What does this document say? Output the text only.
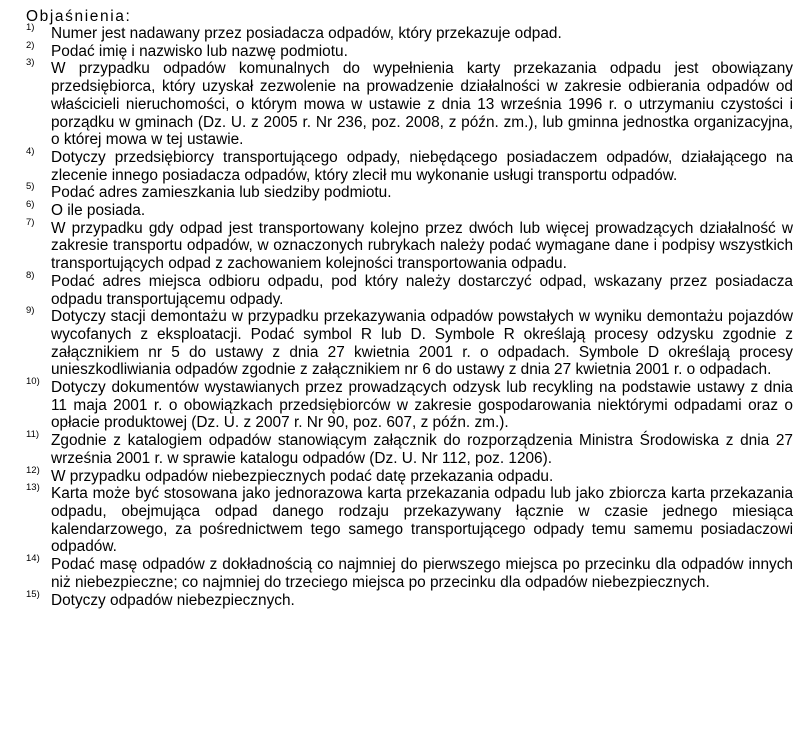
Objaśnienia:
1) Numer jest nadawany przez posiadacza odpadów, który przekazuje odpad.
2) Podać imię i nazwisko lub nazwę podmiotu.
3) W przypadku odpadów komunalnych do wypełnienia karty przekazania odpadu jest obowiązany przedsiębiorca, który uzyskał zezwolenie na prowadzenie działalności w zakresie odbierania odpadów od właścicieli nieruchomości, o którym mowa w ustawie z dnia 13 września 1996 r. o utrzymaniu czystości i porządku w gminach (Dz. U. z 2005 r. Nr 236, poz. 2008, z późn. zm.), lub gminna jednostka organizacyjna, o której mowa w tej ustawie.
4) Dotyczy przedsiębiorcy transportującego odpady, niebędącego posiadaczem odpadów, działającego na zlecenie innego posiadacza odpadów, który zlecił mu wykonanie usługi transportu odpadów.
5) Podać adres zamieszkania lub siedziby podmiotu.
6) O ile posiada.
7) W przypadku gdy odpad jest transportowany kolejno przez dwóch lub więcej prowadzących działalność w zakresie transportu odpadów, w oznaczonych rubrykach należy podać wymagane dane i podpisy wszystkich transportujących odpad z zachowaniem kolejności transportowania odpadu.
8) Podać adres miejsca odbioru odpadu, pod który należy dostarczyć odpad, wskazany przez posiadacza odpadu transportującemu odpady.
9) Dotyczy stacji demontażu w przypadku przekazywania odpadów powstałych w wyniku demontażu pojazdów wycofanych z eksploatacji. Podać symbol R lub D. Symbole R określają procesy odzysku zgodnie z załącznikiem nr 5 do ustawy z dnia 27 kwietnia 2001 r. o odpadach. Symbole D określają procesy unieszkodliwiania odpadów zgodnie z załącznikiem nr 6 do ustawy z dnia 27 kwietnia 2001 r. o odpadach.
10) Dotyczy dokumentów wystawianych przez prowadzących odzysk lub recykling na podstawie ustawy z dnia 11 maja 2001 r. o obowiązkach przedsiębiorców w zakresie gospodarowania niektórymi odpadami oraz o opłacie produktowej (Dz. U. z 2007 r. Nr 90, poz. 607, z późn. zm.).
11) Zgodnie z katalogiem odpadów stanowiącym załącznik do rozporządzenia Ministra Środowiska z dnia 27 września 2001 r. w sprawie katalogu odpadów (Dz. U. Nr 112, poz. 1206).
12) W przypadku odpadów niebezpiecznych podać datę przekazania odpadu.
13) Karta może być stosowana jako jednorazowa karta przekazania odpadu lub jako zbiorcza karta przekazania odpadu, obejmująca odpad danego rodzaju przekazywany łącznie w czasie jednego miesiąca kalendarzowego, za pośrednictwem tego samego transportującego odpady temu samemu posiadaczowi odpadów.
14) Podać masę odpadów z dokładnością co najmniej do pierwszego miejsca po przecinku dla odpadów innych niż niebezpieczne; co najmniej do trzeciego miejsca po przecinku dla odpadów niebezpiecznych.
15) Dotyczy odpadów niebezpiecznych.
